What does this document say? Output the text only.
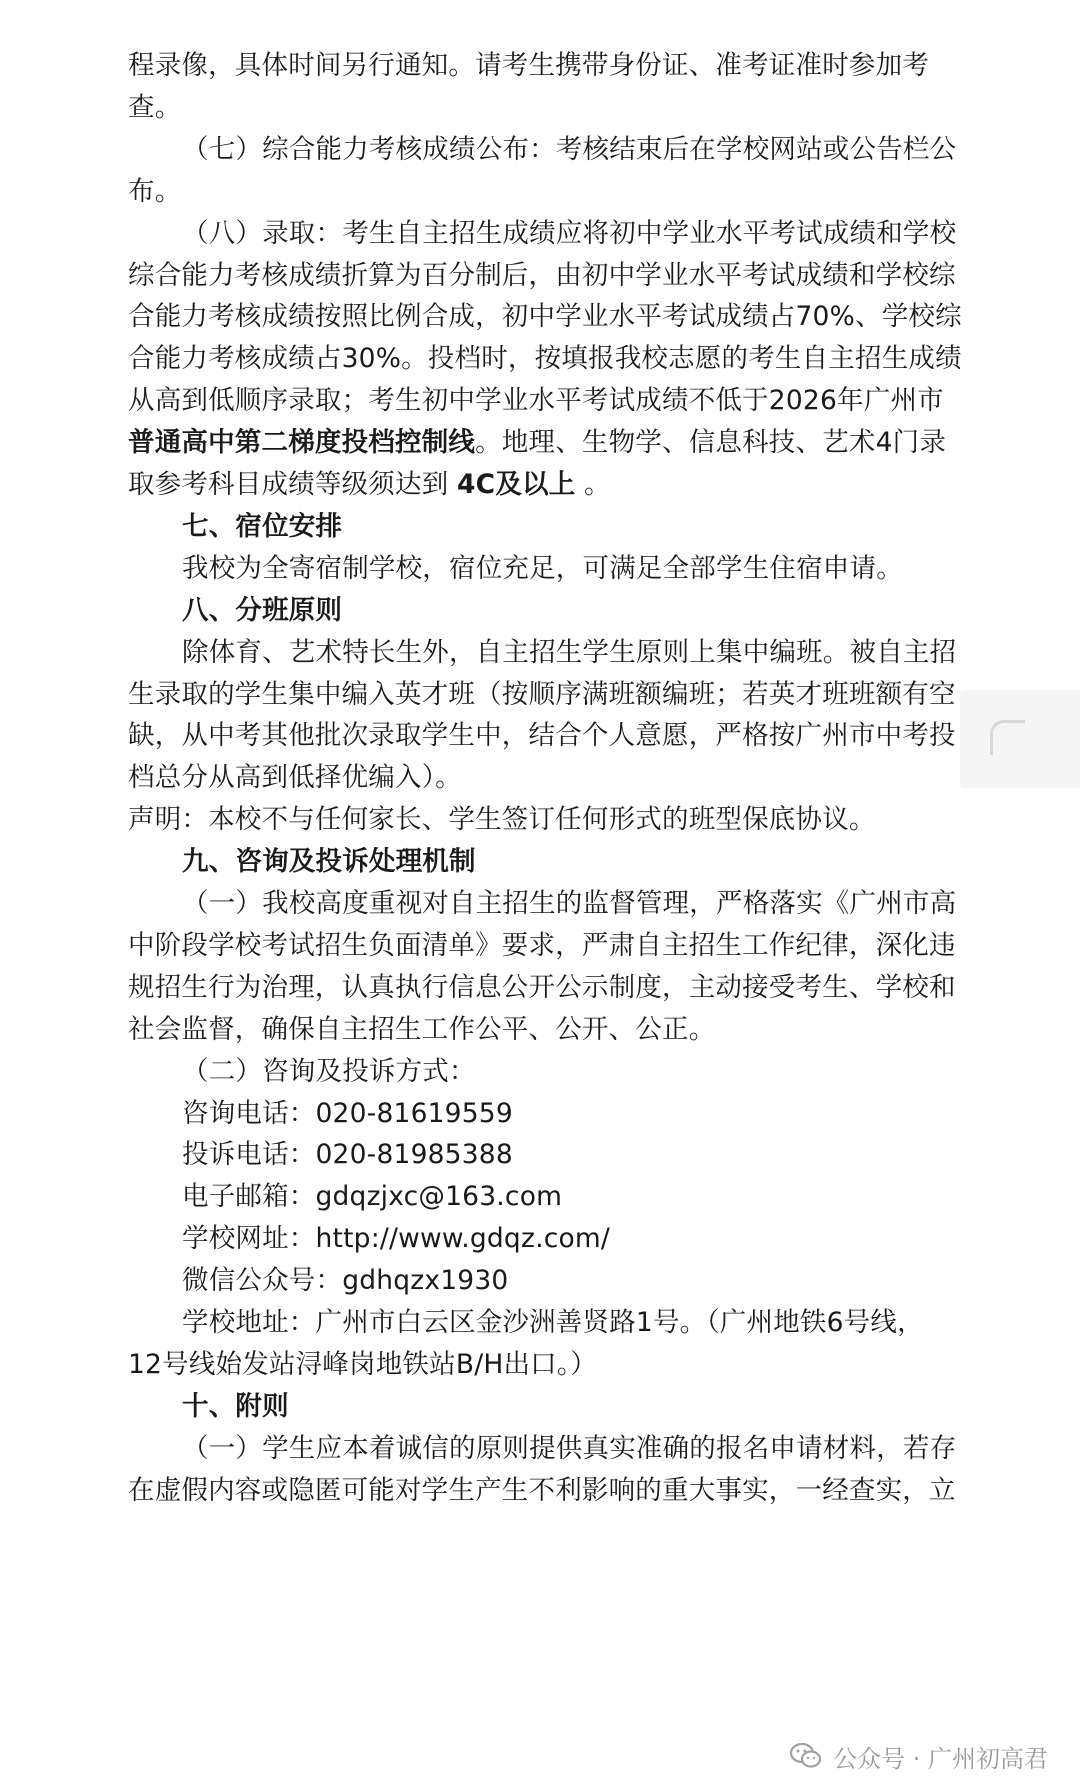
程录像，具体时间另行通知。请考生携带身份证、准考证准时参加考
查。
（七）综合能力考核成绩公布：考核结束后在学校网站或公告栏公
布。
（八）录取：考生自主招生成绩应将初中学业水平考试成绩和学校
综合能力考核成绩折算为百分制后，由初中学业水平考试成绩和学校综
合能力考核成绩按照比例合成，初中学业水平考试成绩占70%、学校综
合能力考核成绩占30%。投档时，按填报我校志愿的考生自主招生成绩
从高到低顺序录取；考生初中学业水平考试成绩不低于2026年广州市
普通高中第二梯度投档控制线。地理、生物学、信息科技、艺术4门录
取参考科目成绩等级须达到 4C及以上 。
七、宿位安排
我校为全寄宿制学校，宿位充足，可满足全部学生住宿申请。
八、分班原则
除体育、艺术特长生外，自主招生学生原则上集中编班。被自主招
生录取的学生集中编入英才班（按顺序满班额编班；若英才班班额有空
缺，从中考其他批次录取学生中，结合个人意愿，严格按广州市中考投
档总分从高到低择优编入）。
声明：本校不与任何家长、学生签订任何形式的班型保底协议。
九、咨询及投诉处理机制
（一）我校高度重视对自主招生的监督管理，严格落实《广州市高
中阶段学校考试招生负面清单》要求，严肃自主招生工作纪律，深化违
规招生行为治理，认真执行信息公开公示制度，主动接受考生、学校和
社会监督，确保自主招生工作公平、公开、公正。
（二）咨询及投诉方式：
咨询电话：020-81619559
投诉电话：020-81985388
电子邮箱：gdqzjxc@163.com
学校网址：http://www.gdqz.com/
微信公众号：gdhqzx1930
学校地址：广州市白云区金沙洲善贤路1号。（广州地铁6号线，
12号线始发站浔峰岗地铁站B/H出口。）
十、附则
（一）学生应本着诚信的原则提供真实准确的报名申请材料，若存
在虚假内容或隐匿可能对学生产生不利影响的重大事实，一经查实，立
公众号 · 广州初高君
